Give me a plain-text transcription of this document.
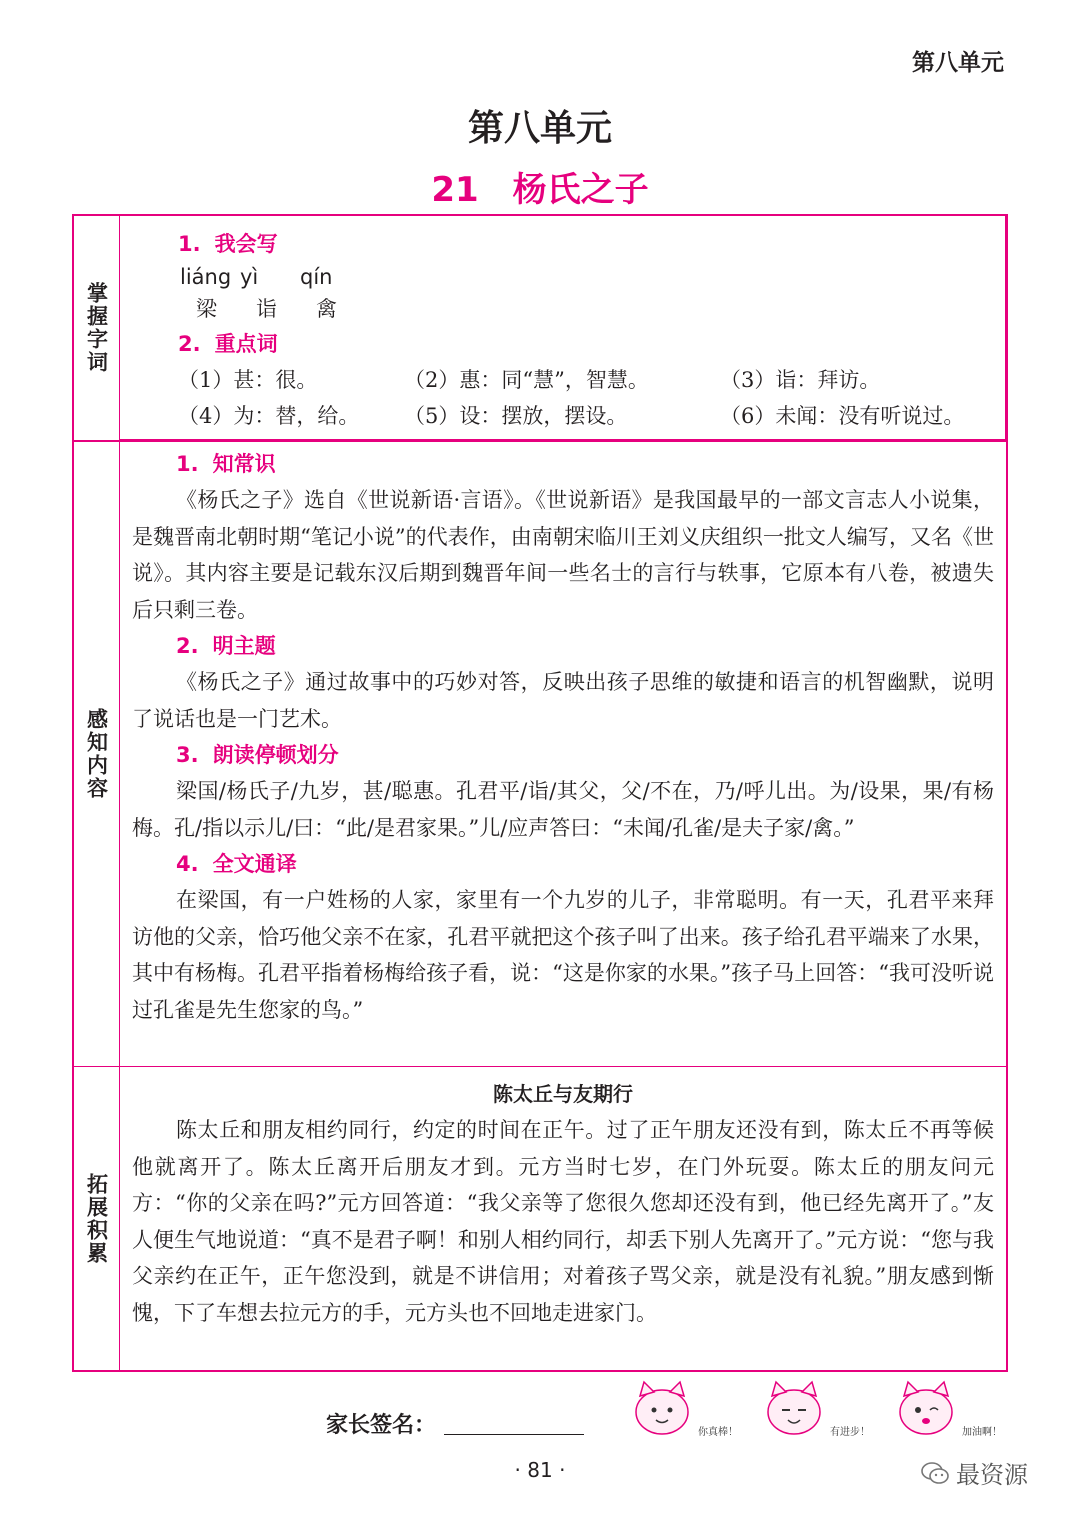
第八单元
第八单元
21 杨氏之子
掌握字词
1. 我会写
liáng yì	qín
梁	诣	禽
2. 重点词
（1）甚：很。	（2）惠：同“慧”，智慧。	（3）诣：拜访。
（4）为：替，给。	（5）设：摆放，摆设。	（6）未闻：没有听说过。
感知内容
1. 知常识

《杨氏之子》选自《世说新语·言语》。《世说新语》是我国最早的一部文言志人小说集，是魏晋南北朝时期“笔记小说”的代表作，由南朝宋临川王刘义庆组织一批文人编写，又名《世说》。其内容主要是记载东汉后期到魏晋年间一些名士的言行与轶事，它原本有八卷，被遗失后只剩三卷。

2. 明主题

《杨氏之子》通过故事中的巧妙对答，反映出孩子思维的敏捷和语言的机智幽默，说明了说话也是一门艺术。

3. 朗读停顿划分

梁国/杨氏子/九岁，甚/聪惠。孔君平/诣/其父，父/不在，乃/呼儿出。为/设果，果/有杨梅。孔/指以示儿/曰：“此/是君家果。”儿/应声答曰：“未闻/孔雀/是夫子家/禽。”

4. 全文通译

在梁国，有一户姓杨的人家，家里有一个九岁的儿子，非常聪明。有一天，孔君平来拜访他的父亲，恰巧他父亲不在家，孔君平就把这个孩子叫了出来。孩子给孔君平端来了水果，其中有杨梅。孔君平指着杨梅给孩子看，说：“这是你家的水果。”孩子马上回答：“我可没听说过孔雀是先生您家的鸟。”

拓展积累
陈太丘与友期行

陈太丘和朋友相约同行，约定的时间在正午。过了正午朋友还没有到，陈太丘不再等候他就离开了。陈太丘离开后朋友才到。元方当时七岁，在门外玩耍。陈太丘的朋友问元方：“你的父亲在吗?”元方回答道：“我父亲等了您很久您却还没有到，他已经先离开了。”友人便生气地说道：“真不是君子啊！和别人相约同行，却丢下别人先离开了。”元方说：“您与我父亲约在正午，正午您没到，就是不讲信用；对着孩子骂父亲，就是没有礼貌。”朋友感到惭愧，下了车想去拉元方的手，元方头也不回地走进家门。

家长签名：	你真棒！	有进步！	加油啊！
· 81 ·	最资源
